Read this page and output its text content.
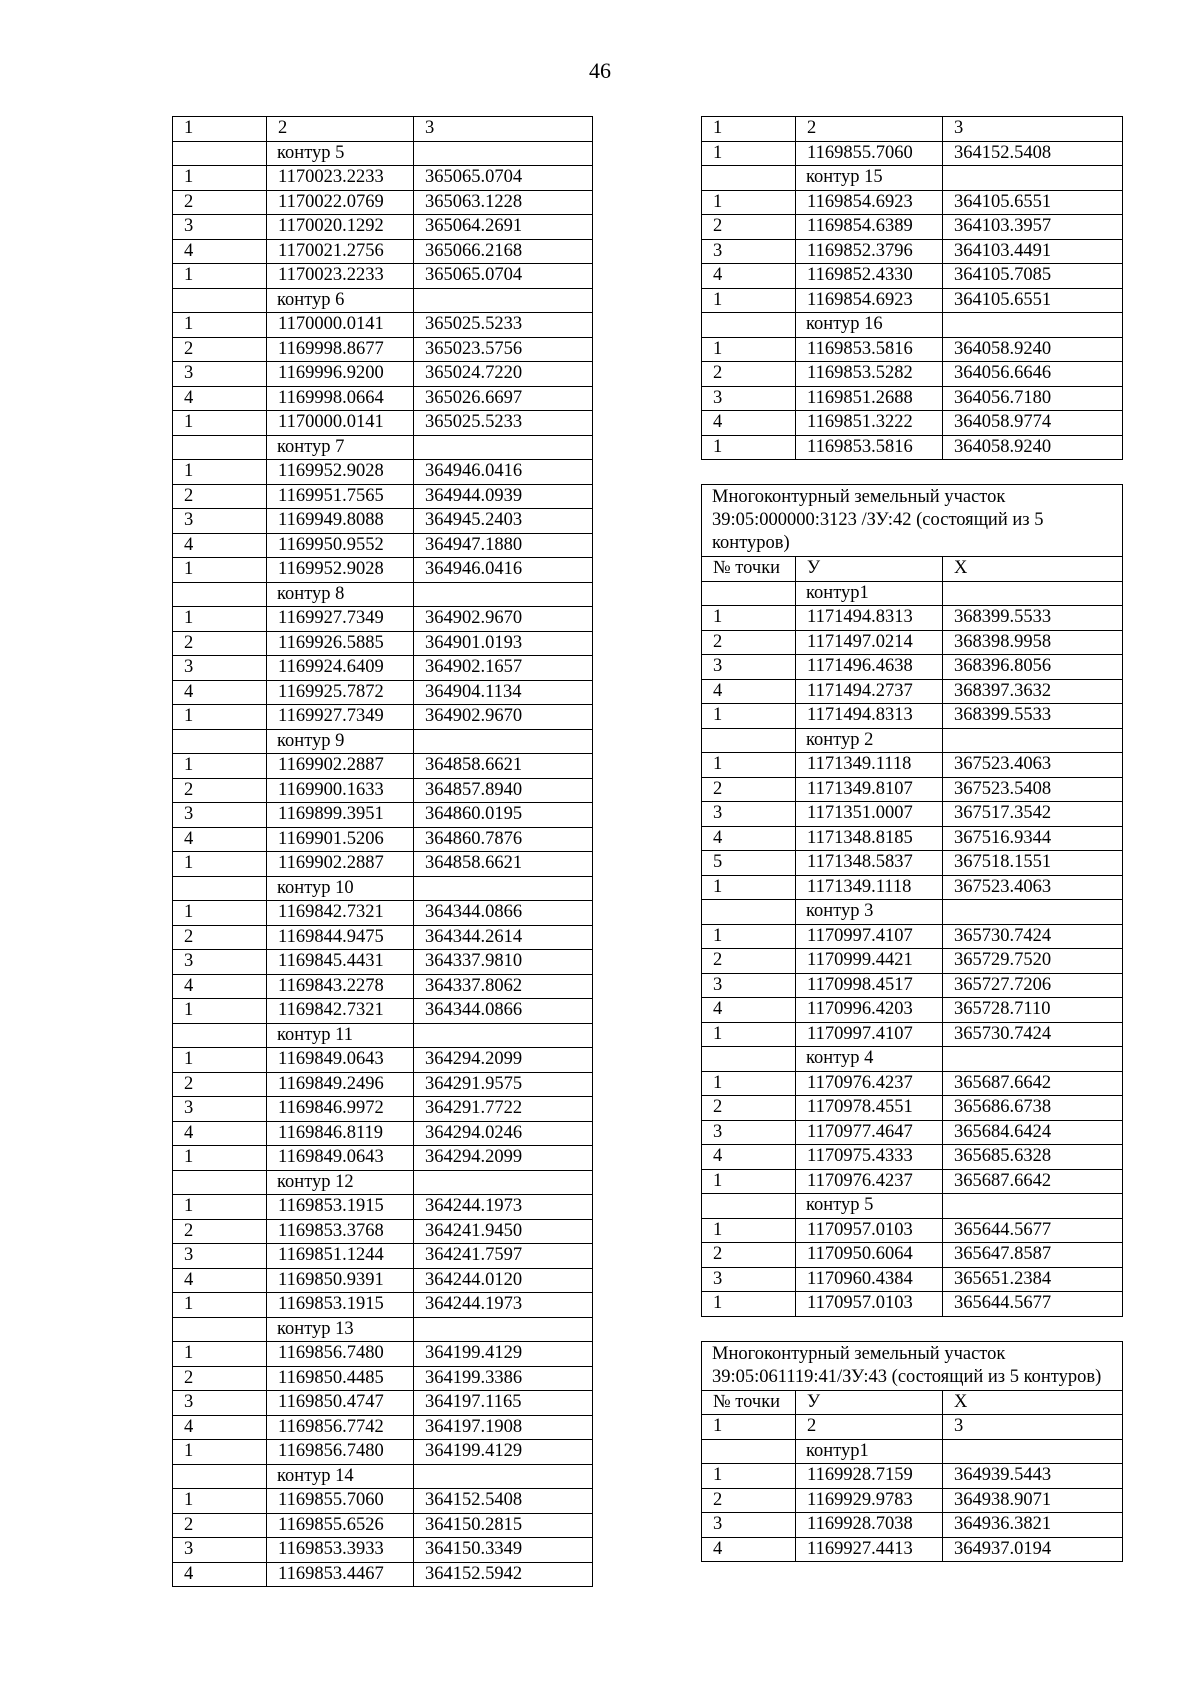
46
1	2	3
	контур 5	
1	1170023.2233	365065.0704
2	1170022.0769	365063.1228
3	1170020.1292	365064.2691
4	1170021.2756	365066.2168
1	1170023.2233	365065.0704
	контур 6	
1	1170000.0141	365025.5233
2	1169998.8677	365023.5756
3	1169996.9200	365024.7220
4	1169998.0664	365026.6697
1	1170000.0141	365025.5233
	контур 7	
1	1169952.9028	364946.0416
2	1169951.7565	364944.0939
3	1169949.8088	364945.2403
4	1169950.9552	364947.1880
1	1169952.9028	364946.0416
	контур 8	
1	1169927.7349	364902.9670
2	1169926.5885	364901.0193
3	1169924.6409	364902.1657
4	1169925.7872	364904.1134
1	1169927.7349	364902.9670
	контур 9	
1	1169902.2887	364858.6621
2	1169900.1633	364857.8940
3	1169899.3951	364860.0195
4	1169901.5206	364860.7876
1	1169902.2887	364858.6621
	контур 10	
1	1169842.7321	364344.0866
2	1169844.9475	364344.2614
3	1169845.4431	364337.9810
4	1169843.2278	364337.8062
1	1169842.7321	364344.0866
	контур 11	
1	1169849.0643	364294.2099
2	1169849.2496	364291.9575
3	1169846.9972	364291.7722
4	1169846.8119	364294.0246
1	1169849.0643	364294.2099
	контур 12	
1	1169853.1915	364244.1973
2	1169853.3768	364241.9450
3	1169851.1244	364241.7597
4	1169850.9391	364244.0120
1	1169853.1915	364244.1973
	контур 13	
1	1169856.7480	364199.4129
2	1169850.4485	364199.3386
3	1169850.4747	364197.1165
4	1169856.7742	364197.1908
1	1169856.7480	364199.4129
	контур 14	
1	1169855.7060	364152.5408
2	1169855.6526	364150.2815
3	1169853.3933	364150.3349
4	1169853.4467	364152.5942
1	2	3
1	1169855.7060	364152.5408
	контур 15	
1	1169854.6923	364105.6551
2	1169854.6389	364103.3957
3	1169852.3796	364103.4491
4	1169852.4330	364105.7085
1	1169854.6923	364105.6551
	контур 16	
1	1169853.5816	364058.9240
2	1169853.5282	364056.6646
3	1169851.2688	364056.7180
4	1169851.3222	364058.9774
1	1169853.5816	364058.9240
Многоконтурный земельный участок 39:05:000000:3123 /ЗУ:42 (состоящий из 5 контуров)		
№ точки	У	Х
	контур1	
1	1171494.8313	368399.5533
2	1171497.0214	368398.9958
3	1171496.4638	368396.8056
4	1171494.2737	368397.3632
1	1171494.8313	368399.5533
	контур 2	
1	1171349.1118	367523.4063
2	1171349.8107	367523.5408
3	1171351.0007	367517.3542
4	1171348.8185	367516.9344
5	1171348.5837	367518.1551
1	1171349.1118	367523.4063
	контур 3	
1	1170997.4107	365730.7424
2	1170999.4421	365729.7520
3	1170998.4517	365727.7206
4	1170996.4203	365728.7110
1	1170997.4107	365730.7424
	контур 4	
1	1170976.4237	365687.6642
2	1170978.4551	365686.6738
3	1170977.4647	365684.6424
4	1170975.4333	365685.6328
1	1170976.4237	365687.6642
	контур 5	
1	1170957.0103	365644.5677
2	1170950.6064	365647.8587
3	1170960.4384	365651.2384
1	1170957.0103	365644.5677
Многоконтурный земельный участок 39:05:061119:41/ЗУ:43 (состоящий из 5 контуров)		
№ точки	У	Х
1	2	3
	контур1	
1	1169928.7159	364939.5443
2	1169929.9783	364938.9071
3	1169928.7038	364936.3821
4	1169927.4413	364937.0194
